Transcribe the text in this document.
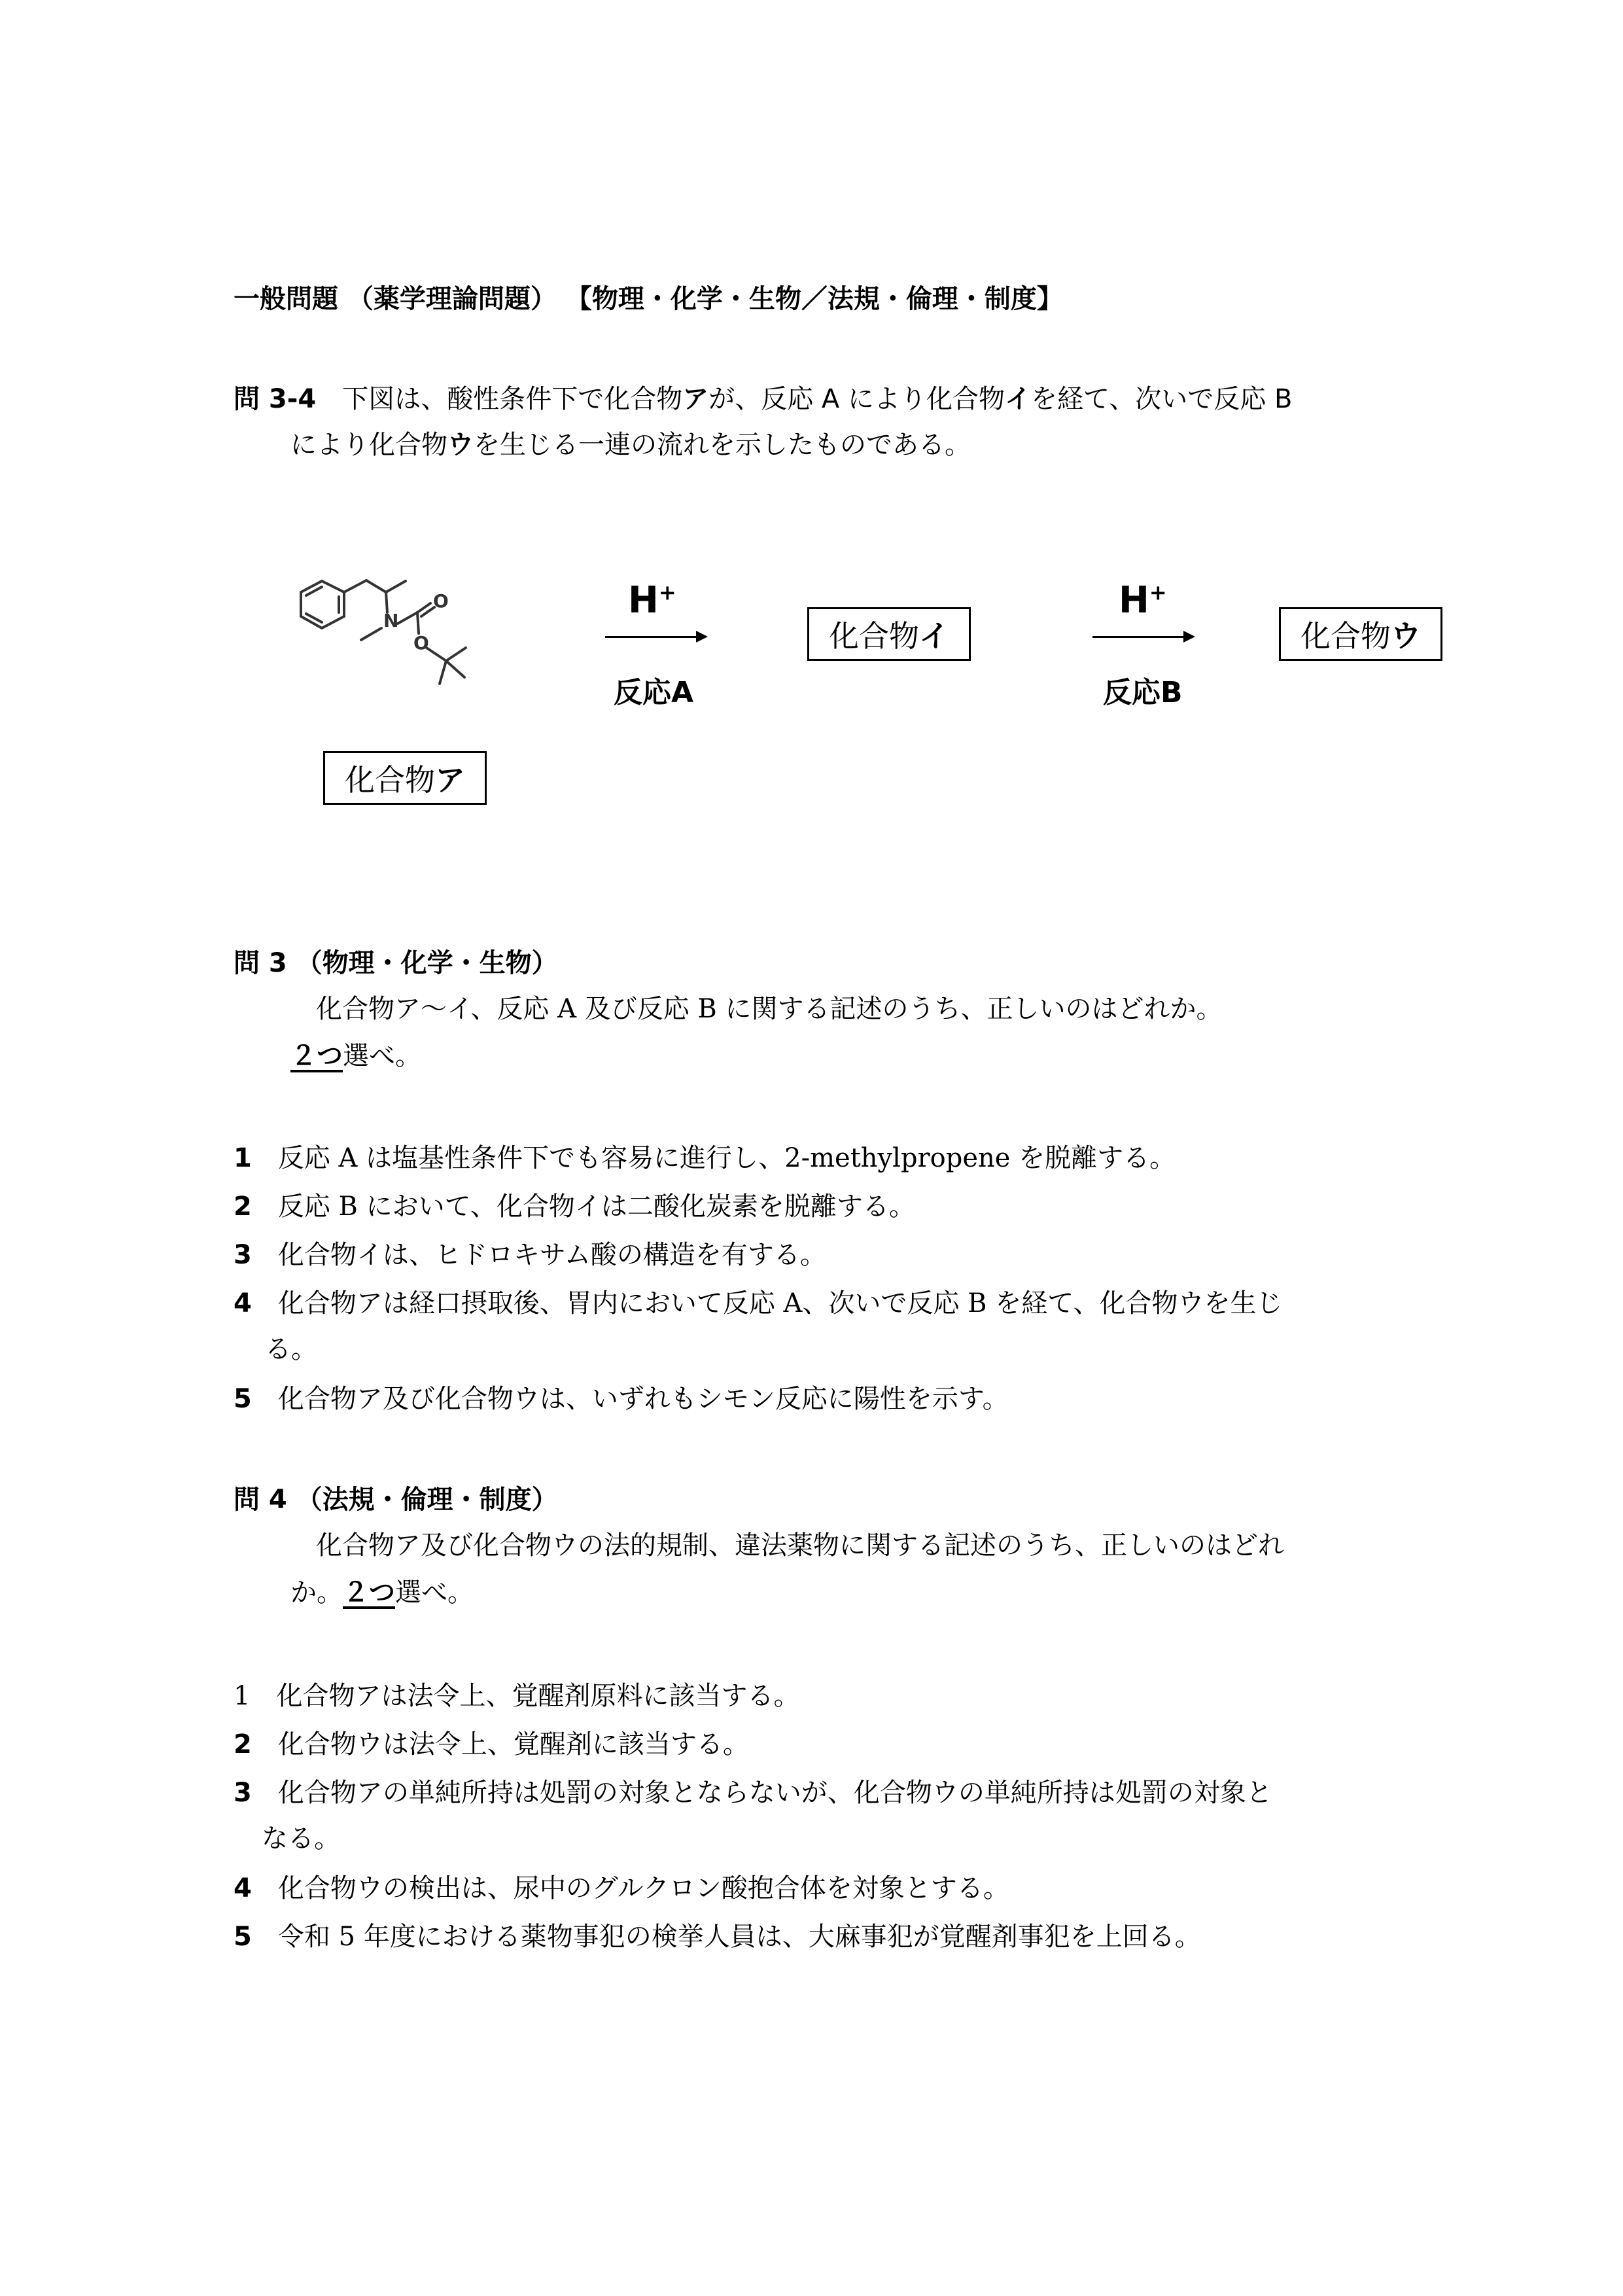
一般問題 （薬学理論問題） 【物理・化学・生物／法規・倫理・制度】
問 3-4 下図は、酸性条件下で化合物アが、反応 A により化合物イを経て、次いで反応 B
により化合物ウを生じる一連の流れを示したものである。
N
O
O
化合物 ア
H+
反応A
化合物 イ
H+
反応B
化合物 ウ
問 3 （物理・化学・生物）
化合物ア～イ、反応 A 及び反応 B に関する記述のうち、正しいのはどれか。
２つ選べ。
1 反応 A は塩基性条件下でも容易に進行し、2-methylpropene を脱離する。
2 反応 B において、化合物イは二酸化炭素を脱離する。
3 化合物イは、ヒドロキサム酸の構造を有する。
4 化合物アは経口摂取後、胃内において反応 A、次いで反応 B を経て、化合物ウを生じ
る。
5 化合物ア及び化合物ウは、いずれもシモン反応に陽性を示す。
問 4 （法規・倫理・制度）
化合物ア及び化合物ウの法的規制、違法薬物に関する記述のうち、正しいのはどれ
か。２つ選べ。
1 化合物アは法令上、覚醒剤原料に該当する。
2 化合物ウは法令上、覚醒剤に該当する。
3 化合物アの単純所持は処罰の対象とならないが、化合物ウの単純所持は処罰の対象と
なる。
4 化合物ウの検出は、尿中のグルクロン酸抱合体を対象とする。
5 令和 5 年度における薬物事犯の検挙人員は、大麻事犯が覚醒剤事犯を上回る。
